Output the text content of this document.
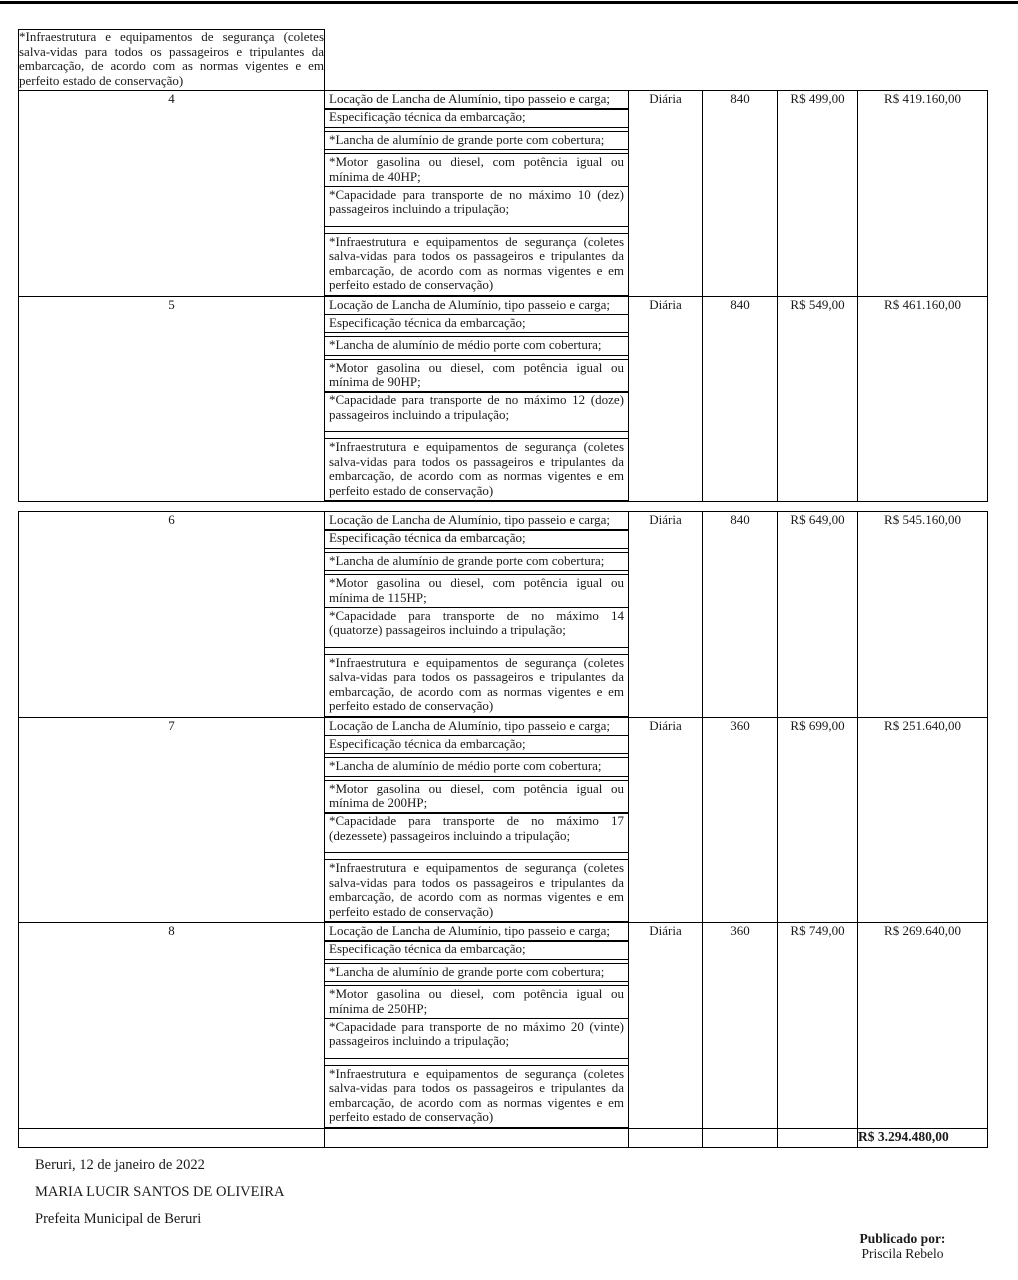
*Infraestrutura e equipamentos de segurança (coletes salva-vidas para todos os passageiros e tripulantes da embarcação, de acordo com as normas vigentes e em perfeito estado de conservação)					
4	Locação de Lancha de Alumínio, tipo passeio e carga;
Especificação técnica da embarcação;
*Lancha de alumínio de grande porte com cobertura;
*Motor gasolina ou diesel, com potência igual ou mínima de 40HP;
*Capacidade para transporte de no máximo 10 (dez) passageiros incluindo a tripulação;
*Infraestrutura e equipamentos de segurança (coletes salva-vidas para todos os passageiros e tripulantes da embarcação, de acordo com as normas vigentes e em perfeito estado de conservação)
	Diária	840	R$ 499,00	R$ 419.160,00
5	Locação de Lancha de Alumínio, tipo passeio e carga;
Especificação técnica da embarcação;
*Lancha de alumínio de médio porte com cobertura;
*Motor gasolina ou diesel, com potência igual ou mínima de 90HP;
*Capacidade para transporte de no máximo 12 (doze) passageiros incluindo a tripulação;
*Infraestrutura e equipamentos de segurança (coletes salva-vidas para todos os passageiros e tripulantes da embarcação, de acordo com as normas vigentes e em perfeito estado de conservação)
	Diária	840	R$ 549,00	R$ 461.160,00
6	Locação de Lancha de Alumínio, tipo passeio e carga;
Especificação técnica da embarcação;
*Lancha de alumínio de grande porte com cobertura;
*Motor gasolina ou diesel, com potência igual ou mínima de 115HP;
*Capacidade para transporte de no máximo 14 (quatorze) passageiros incluindo a tripulação;
*Infraestrutura e equipamentos de segurança (coletes salva-vidas para todos os passageiros e tripulantes da embarcação, de acordo com as normas vigentes e em perfeito estado de conservação)
	Diária	840	R$ 649,00	R$ 545.160,00
7	Locação de Lancha de Alumínio, tipo passeio e carga;
Especificação técnica da embarcação;
*Lancha de alumínio de médio porte com cobertura;
*Motor gasolina ou diesel, com potência igual ou mínima de 200HP;
*Capacidade para transporte de no máximo 17 (dezessete) passageiros incluindo a tripulação;
*Infraestrutura e equipamentos de segurança (coletes salva-vidas para todos os passageiros e tripulantes da embarcação, de acordo com as normas vigentes e em perfeito estado de conservação)
	Diária	360	R$ 699,00	R$ 251.640,00
8	Locação de Lancha de Alumínio, tipo passeio e carga;
Especificação técnica da embarcação;
*Lancha de alumínio de grande porte com cobertura;
*Motor gasolina ou diesel, com potência igual ou mínima de 250HP;
*Capacidade para transporte de no máximo 20 (vinte) passageiros incluindo a tripulação;
*Infraestrutura e equipamentos de segurança (coletes salva-vidas para todos os passageiros e tripulantes da embarcação, de acordo com as normas vigentes e em perfeito estado de conservação)
	Diária	360	R$ 749,00	R$ 269.640,00
					R$ 3.294.480,00

Beruri, 12 de janeiro de 2022

MARIA LUCIR SANTOS DE OLIVEIRA

Prefeita Municipal de Beruri

Publicado por:
Priscila Rebelo
